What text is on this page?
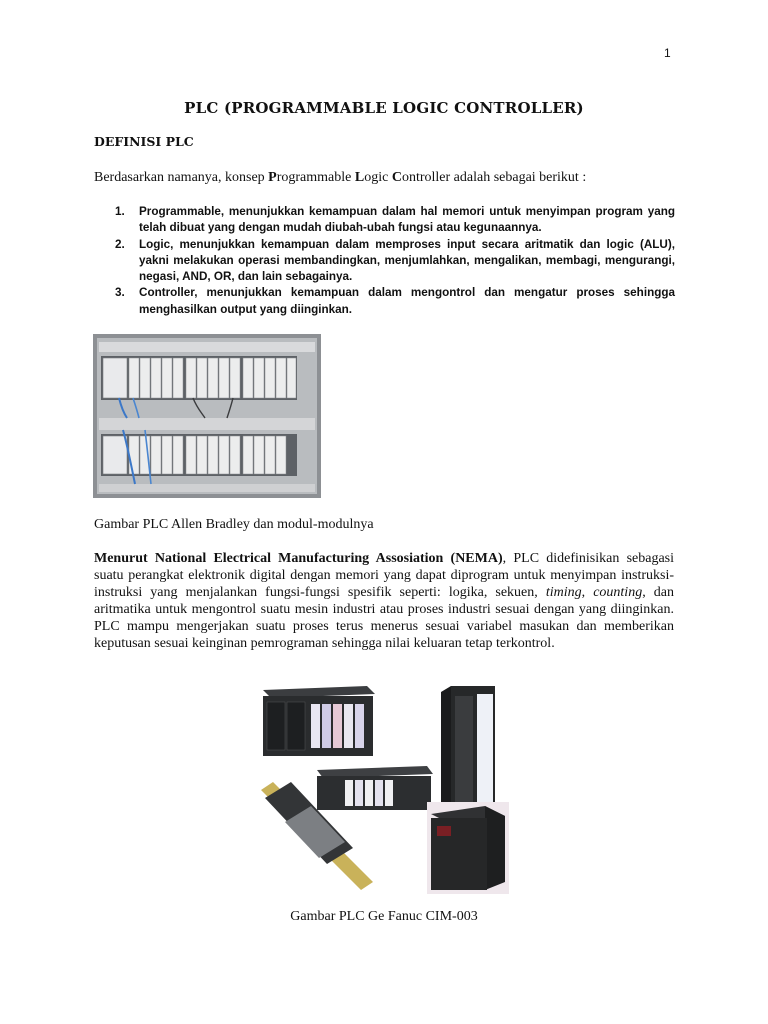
1
PLC (PROGRAMMABLE LOGIC CONTROLLER)
DEFINISI PLC

Berdasarkan namanya, konsep Programmable Logic Controller adalah sebagai berikut :

1. Programmable, menunjukkan kemampuan dalam hal memori untuk menyimpan program yang telah dibuat yang dengan mudah diubah-ubah fungsi atau kegunaannya.
2. Logic, menunjukkan kemampuan dalam memproses input secara aritmatik dan logic (ALU), yakni melakukan operasi membandingkan, menjumlahkan, mengalikan, membagi, mengurangi, negasi, AND, OR, dan lain sebagainya.
3. Controller, menunjukkan kemampuan dalam mengontrol dan mengatur proses sehingga menghasilkan output yang diinginkan.
Gambar PLC Allen Bradley dan modul-modulnya

Menurut National Electrical Manufacturing Assosiation (NEMA), PLC didefinisikan sebagasi suatu perangkat elektronik digital dengan memori yang dapat diprogram untuk menyimpan instruksi-instruksi yang menjalankan fungsi-fungsi spesifik seperti: logika, sekuen, timing, counting, dan aritmatika untuk mengontrol suatu mesin industri atau proses industri sesuai dengan yang diinginkan. PLC mampu mengerjakan suatu proses terus menerus sesuai variabel masukan dan memberikan keputusan sesuai keinginan pemrograman sehingga nilai keluaran tetap terkontrol.

Gambar PLC Ge Fanuc CIM-003
